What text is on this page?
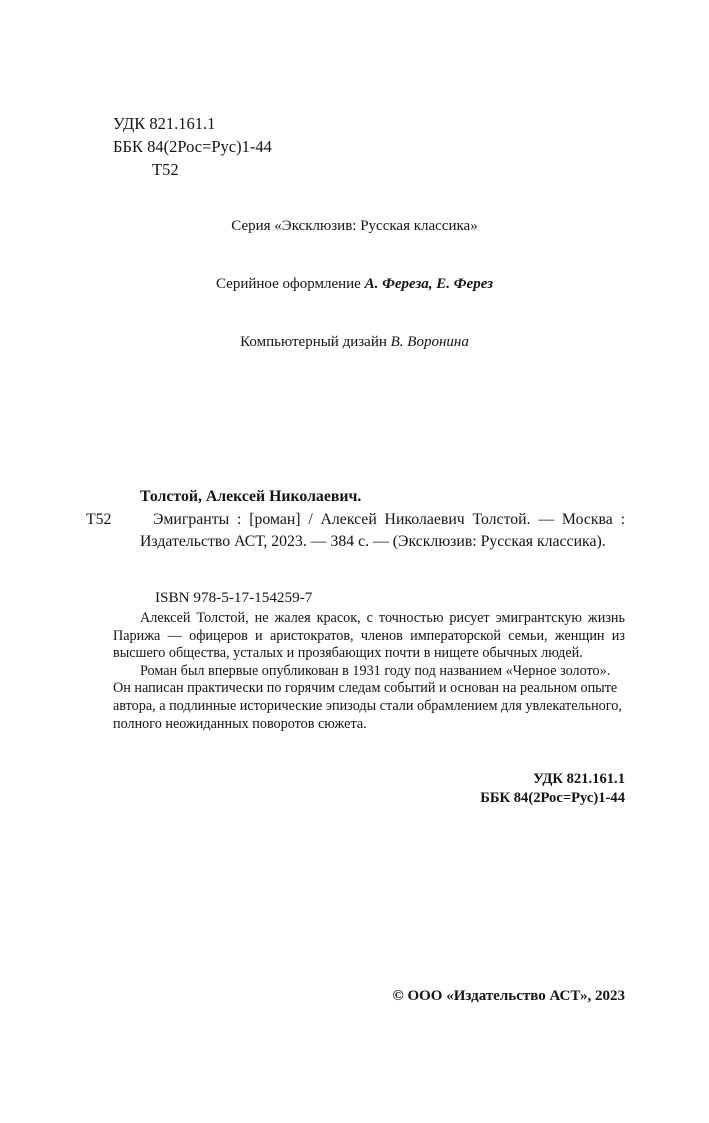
УДК 821.161.1
ББК 84(2Рос=Рус)1-44
Т52

Серия «Эксклюзив: Русская классика»

Серийное оформление А. Фереза, Е. Ферез

Компьютерный дизайн В. Воронина

Толстой, Алексей Николаевич.

Т52	Эмигранты : [роман] / Алексей Николаевич Толстой. — Москва : Издательство АСТ, 2023. — 384 с. — (Эксклюзив: Русская классика).

ISBN 978-5-17-154259-7

Алексей Толстой, не жалея красок, с точностью рисует эмигрантскую жизнь Парижа — офицеров и аристократов, членов императорской семьи, женщин из высшего общества, усталых и прозябающих почти в нищете обычных людей.

Роман был впервые опубликован в 1931 году под названием «Черное золото». Он написан практически по горячим следам событий и основан на реальном опыте автора, а подлинные исторические эпизоды стали обрамлением для увлекательного, полного неожиданных поворотов сюжета.

УДК 821.161.1
ББК 84(2Рос=Рус)1-44

© ООО «Издательство АСТ», 2023
